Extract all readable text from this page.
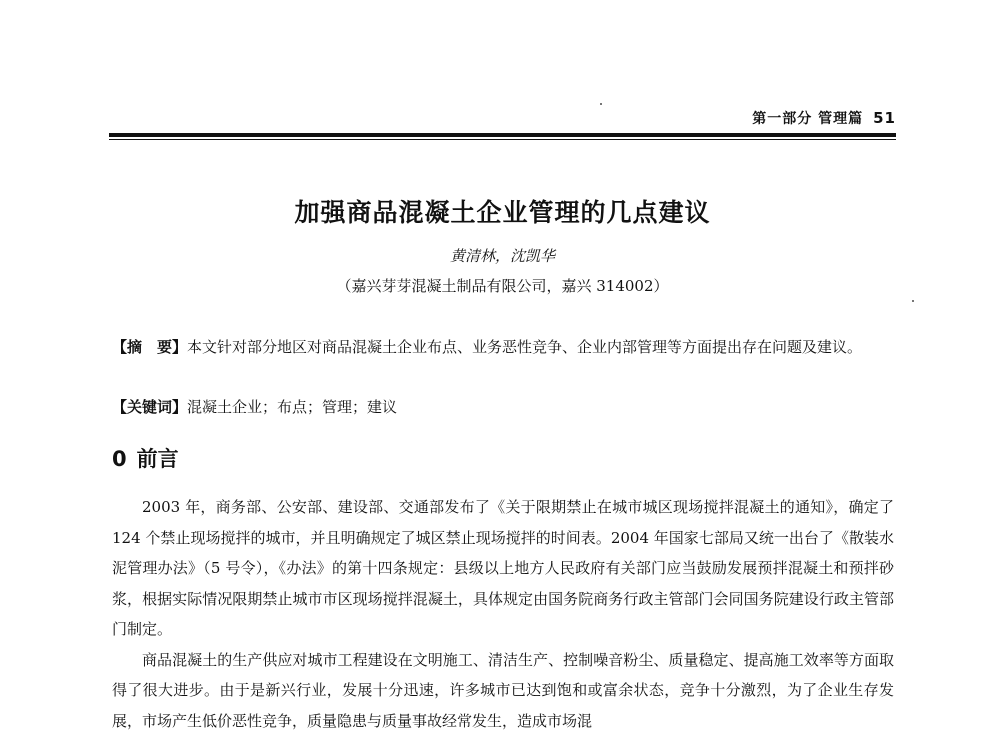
第一部分 管理篇 51
加强商品混凝土企业管理的几点建议
黄清林，沈凯华
（嘉兴芽芽混凝土制品有限公司，嘉兴 314002）
【摘　要】本文针对部分地区对商品混凝土企业布点、业务恶性竞争、企业内部管理等方面提出存在问题及建议。
【关键词】混凝土企业；布点；管理；建议
0 前言

2003 年，商务部、公安部、建设部、交通部发布了《关于限期禁止在城市城区现场搅拌混凝土的通知》，确定了 124 个禁止现场搅拌的城市，并且明确规定了城区禁止现场搅拌的时间表。2004 年国家七部局又统一出台了《散装水泥管理办法》（5 号令），《办法》的第十四条规定：县级以上地方人民政府有关部门应当鼓励发展预拌混凝土和预拌砂浆，根据实际情况限期禁止城市市区现场搅拌混凝土，具体规定由国务院商务行政主管部门会同国务院建设行政主管部门制定。

商品混凝土的生产供应对城市工程建设在文明施工、清洁生产、控制噪音粉尘、质量稳定、提高施工效率等方面取得了很大进步。由于是新兴行业，发展十分迅速，许多城市已达到饱和或富余状态，竞争十分激烈，为了企业生存发展，市场产生低价恶性竞争，质量隐患与质量事故经常发生，造成市场混
